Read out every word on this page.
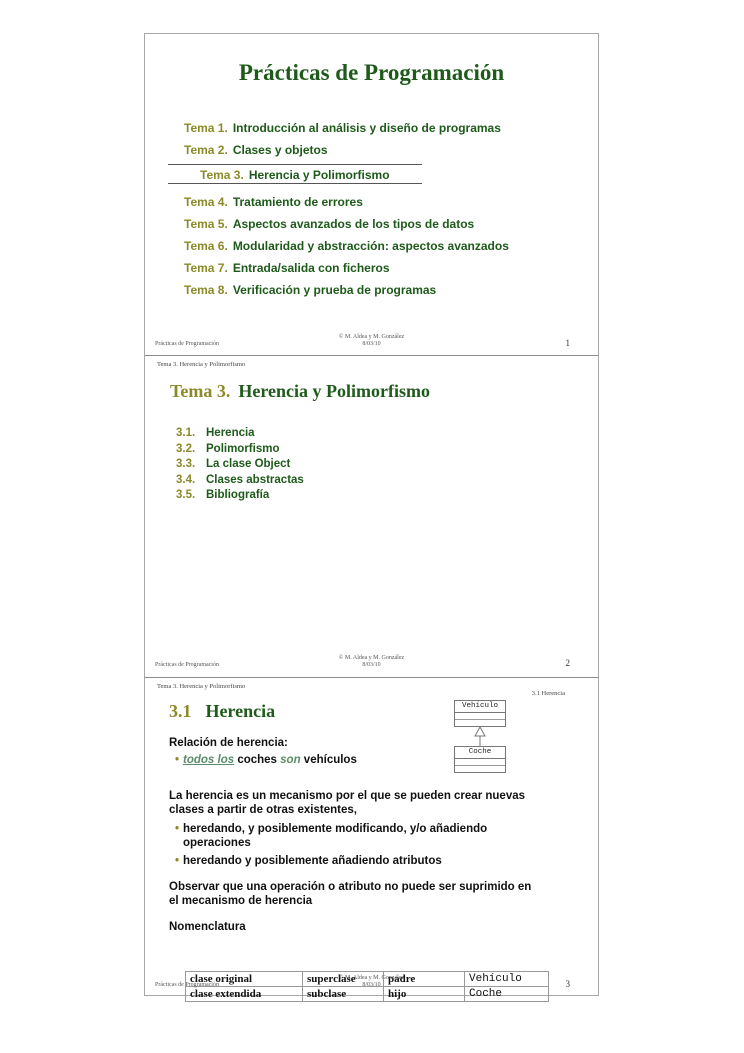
Prácticas de Programación
Tema 1. Introducción al análisis y diseño de programas
Tema 2. Clases y objetos
Tema 3. Herencia y Polimorfismo
Tema 4. Tratamiento de errores
Tema 5. Aspectos avanzados de los tipos de datos
Tema 6. Modularidad y abstracción: aspectos avanzados
Tema 7. Entrada/salida con ficheros
Tema 8. Verificación y prueba de programas
Prácticas de Programación
© M. Aldea y M. González
8/03/10	1
Tema 3. Herencia y Polimorfismo
Tema 3. Herencia y Polimorfismo
3.1. Herencia
3.2. Polimorfismo
3.3. La clase Object
3.4. Clases abstractas
3.5. Bibliografía
Prácticas de Programación
© M. Aldea y M. González
8/03/10	2
Tema 3. Herencia y Polimorfismo
3.1 Herencia
3.1 Herencia
Relación de herencia:
• todos los coches son vehículos
Vehículo
Coche
La herencia es un mecanismo por el que se pueden crear nuevas
clases a partir de otras existentes,
• heredando, y posiblemente modificando, y/o añadiendo
operaciones
• heredando y posiblemente añadiendo atributos
Observar que una operación o atributo no puede ser suprimido en
el mecanismo de herencia
Nomenclatura
clase original	superclase	padre	Vehículo
clase extendida	subclase	hijo	Coche
Prácticas de Programación
© M. Aldea y M. González
8/03/10	3
